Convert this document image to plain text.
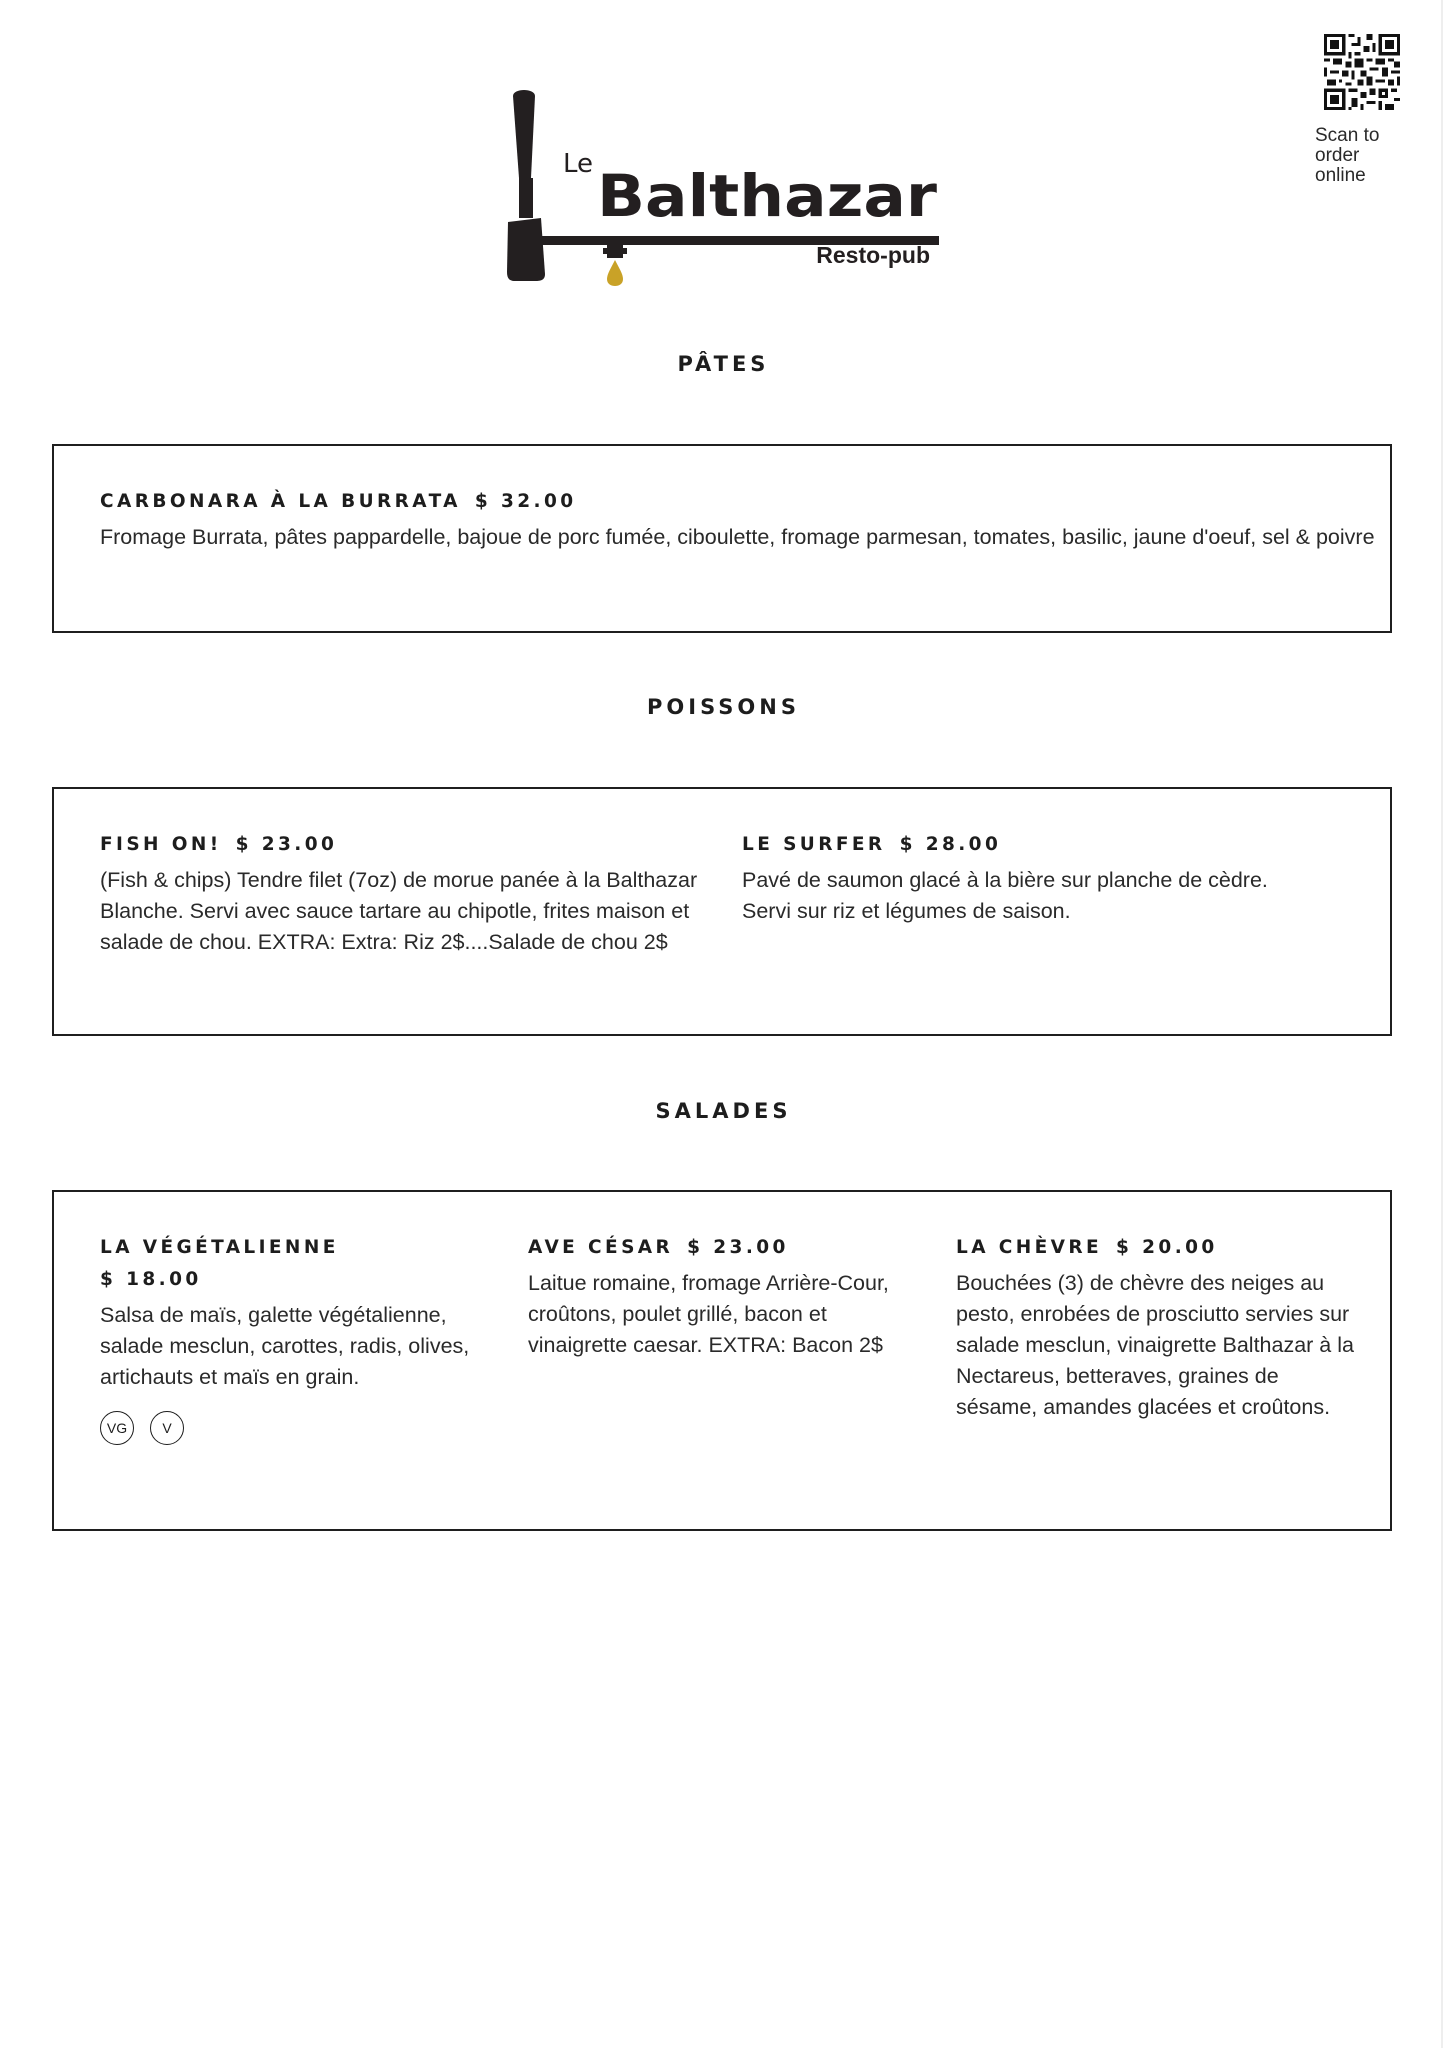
Le Balthazar
Resto-pub
Scan to
order
online
PÂTES
CARBONARA À LA BURRATA $ 32.00
Fromage Burrata, pâtes pappardelle, bajoue de porc fumée, ciboulette, fromage parmesan, tomates, basilic, jaune d'oeuf, sel & poivre
POISSONS
FISH ON! $ 23.00
(Fish & chips) Tendre filet (7oz) de morue panée à la Balthazar Blanche. Servi avec sauce tartare au chipotle, frites maison et salade de chou. EXTRA: Extra: Riz 2$....Salade de chou 2$
LE SURFER $ 28.00
Pavé de saumon glacé à la bière sur planche de cèdre. Servi sur riz et légumes de saison.
SALADES
LA VÉGÉTALIENNE
$ 18.00
Salsa de maïs, galette végétalienne, salade mesclun, carottes, radis, olives, artichauts et maïs en grain.
VG	V
AVE CÉSAR $ 23.00
Laitue romaine, fromage Arrière-Cour, croûtons, poulet grillé, bacon et vinaigrette caesar. EXTRA: Bacon 2$
LA CHÈVRE $ 20.00
Bouchées (3) de chèvre des neiges au pesto, enrobées de prosciutto servies sur salade mesclun, vinaigrette Balthazar à la Nectareus, betteraves, graines de sésame, amandes glacées et croûtons.
